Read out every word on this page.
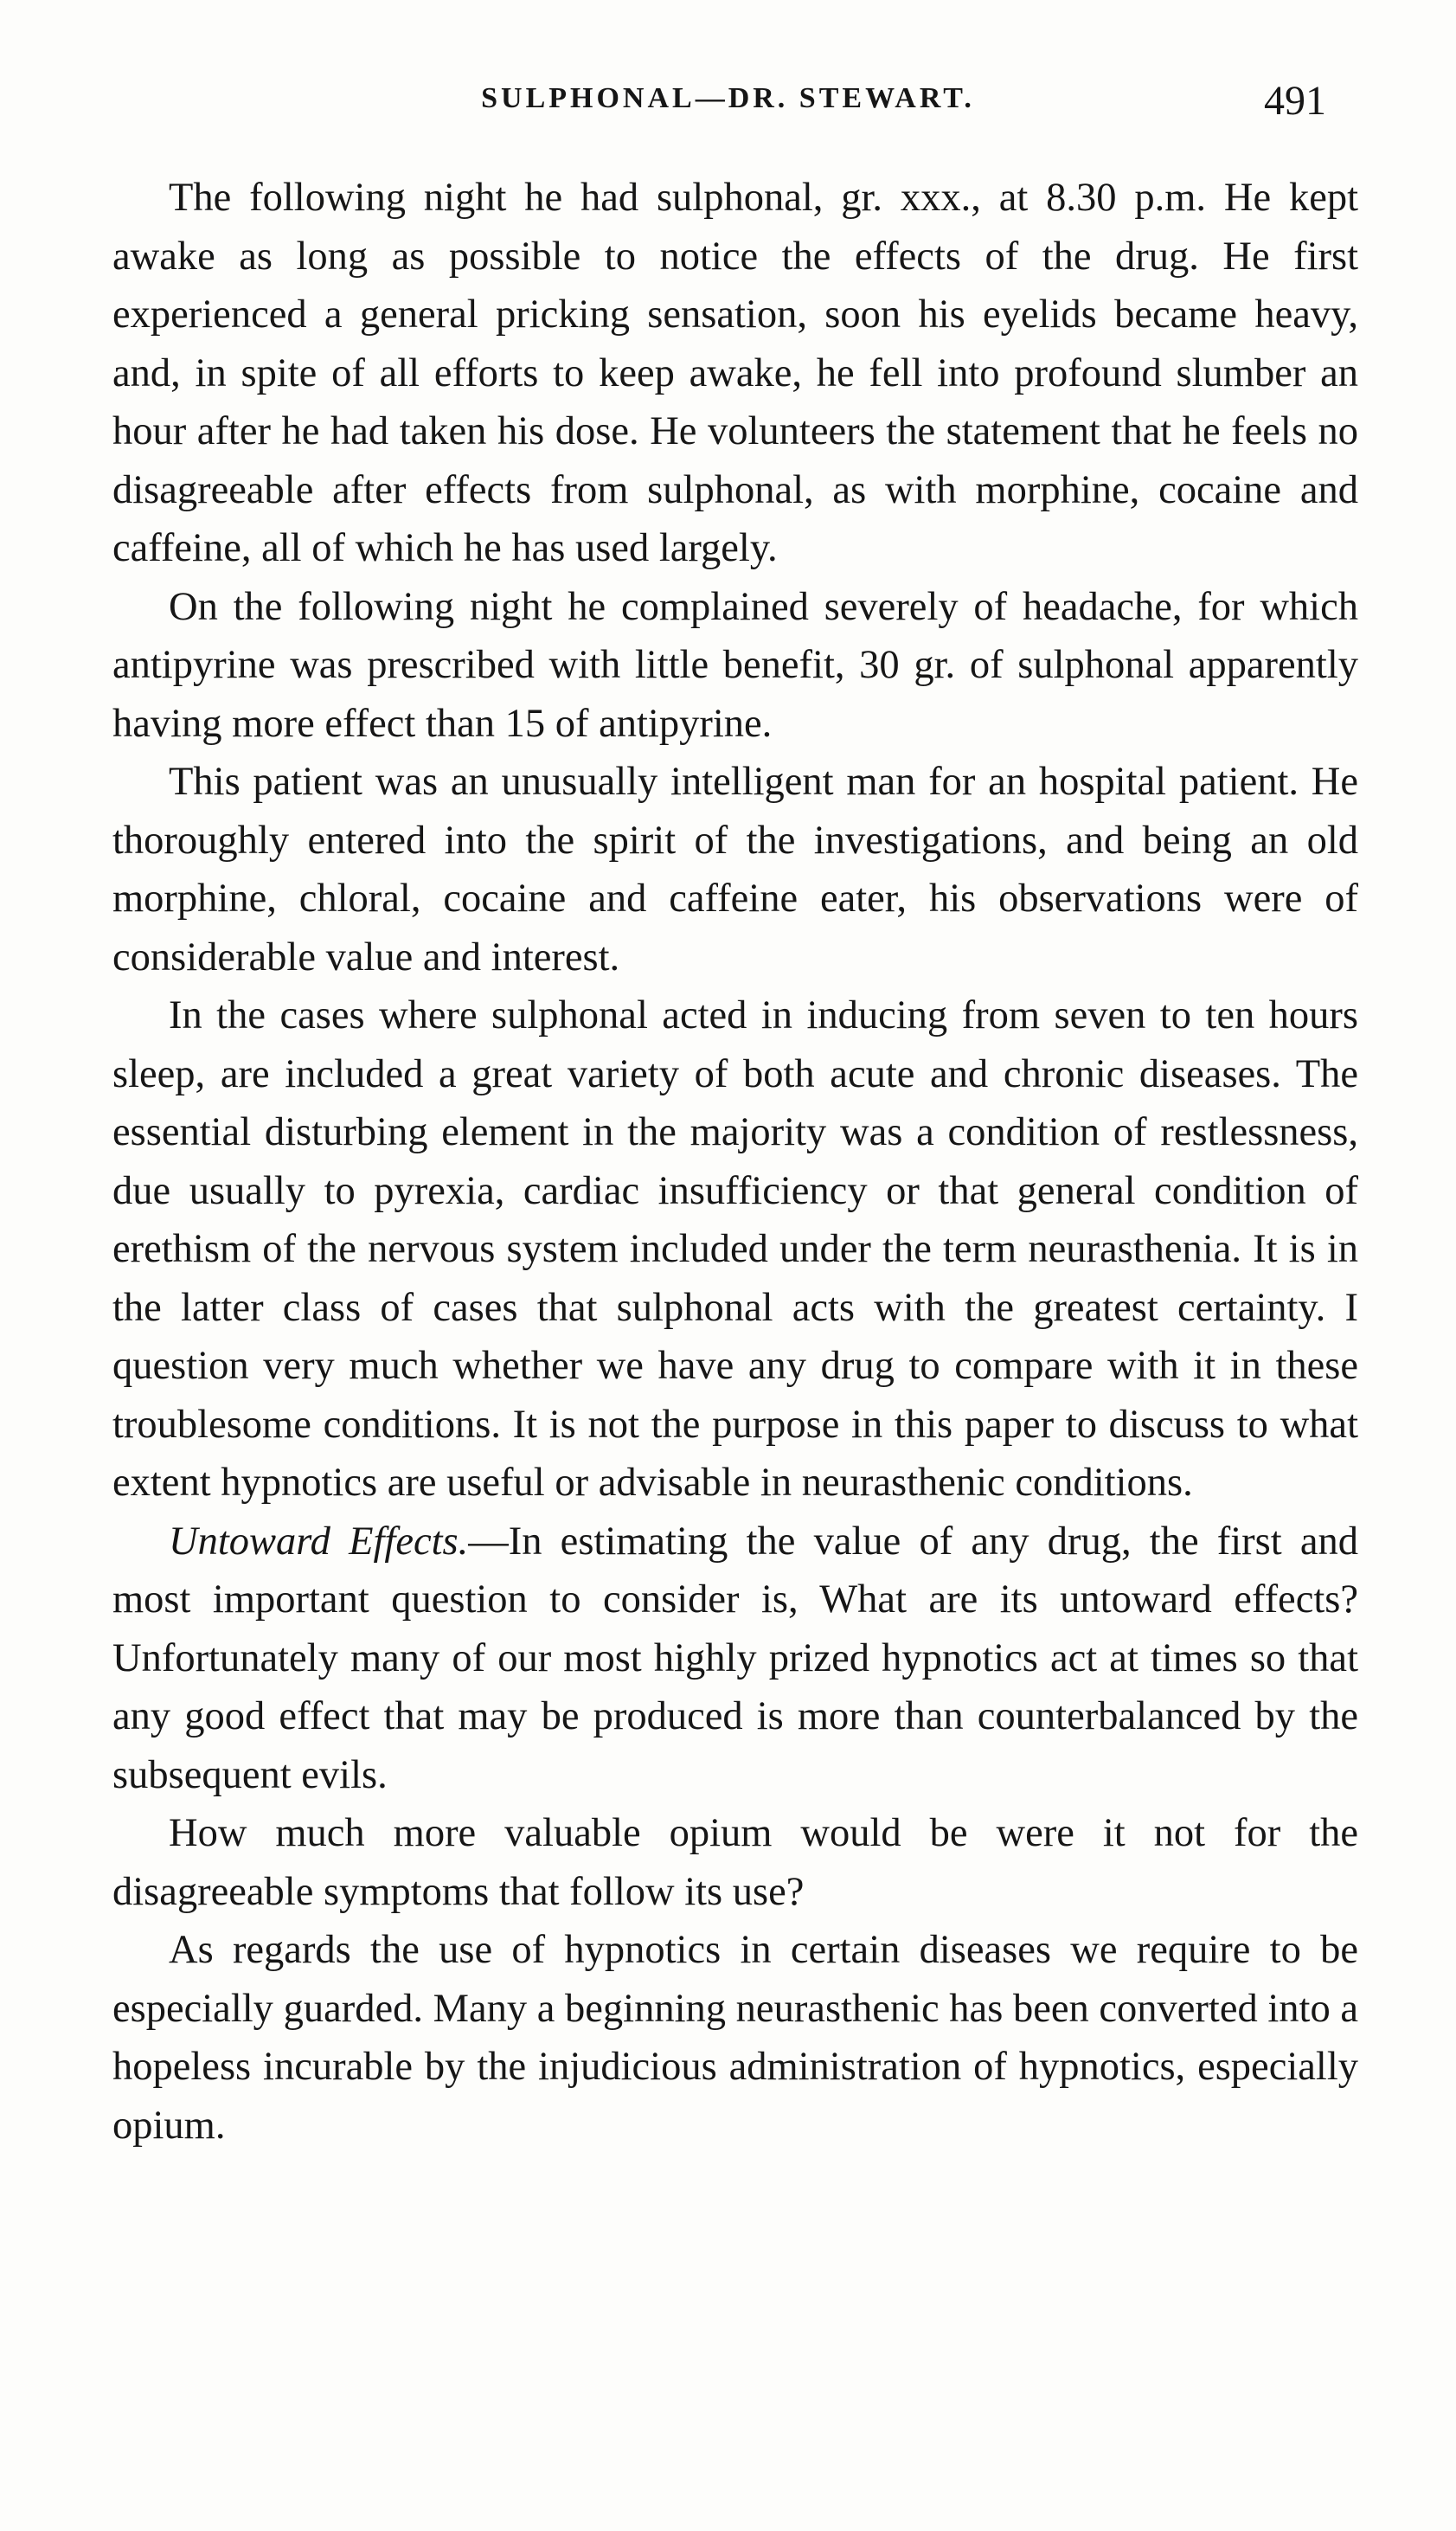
SULPHONAL—DR. STEWART.	491

The following night he had sulphonal, gr. xxx., at 8.30 p.m. He kept awake as long as possible to notice the effects of the drug. He first experienced a general pricking sensation, soon his eyelids became heavy, and, in spite of all efforts to keep awake, he fell into profound slumber an hour after he had taken his dose. He volunteers the statement that he feels no disagreeable after effects from sulphonal, as with morphine, cocaine and caffeine, all of which he has used largely.

On the following night he complained severely of headache, for which antipyrine was prescribed with little benefit, 30 gr. of sulphonal apparently having more effect than 15 of antipyrine.

This patient was an unusually intelligent man for an hospital patient. He thoroughly entered into the spirit of the investigations, and being an old morphine, chloral, cocaine and caffeine eater, his observations were of considerable value and interest.

In the cases where sulphonal acted in inducing from seven to ten hours sleep, are included a great variety of both acute and chronic diseases. The essential disturbing element in the majority was a condition of restlessness, due usually to pyrexia, cardiac insufficiency or that general condition of erethism of the nervous system included under the term neurasthenia. It is in the latter class of cases that sulphonal acts with the greatest certainty. I question very much whether we have any drug to compare with it in these troublesome conditions. It is not the purpose in this paper to discuss to what extent hypnotics are useful or advisable in neurasthenic conditions.

Untoward Effects.—In estimating the value of any drug, the first and most important question to consider is, What are its untoward effects? Unfortunately many of our most highly prized hypnotics act at times so that any good effect that may be produced is more than counterbalanced by the subsequent evils.

How much more valuable opium would be were it not for the disagreeable symptoms that follow its use?

As regards the use of hypnotics in certain diseases we require to be especially guarded. Many a beginning neurasthenic has been converted into a hopeless incurable by the injudicious administration of hypnotics, especially opium.
